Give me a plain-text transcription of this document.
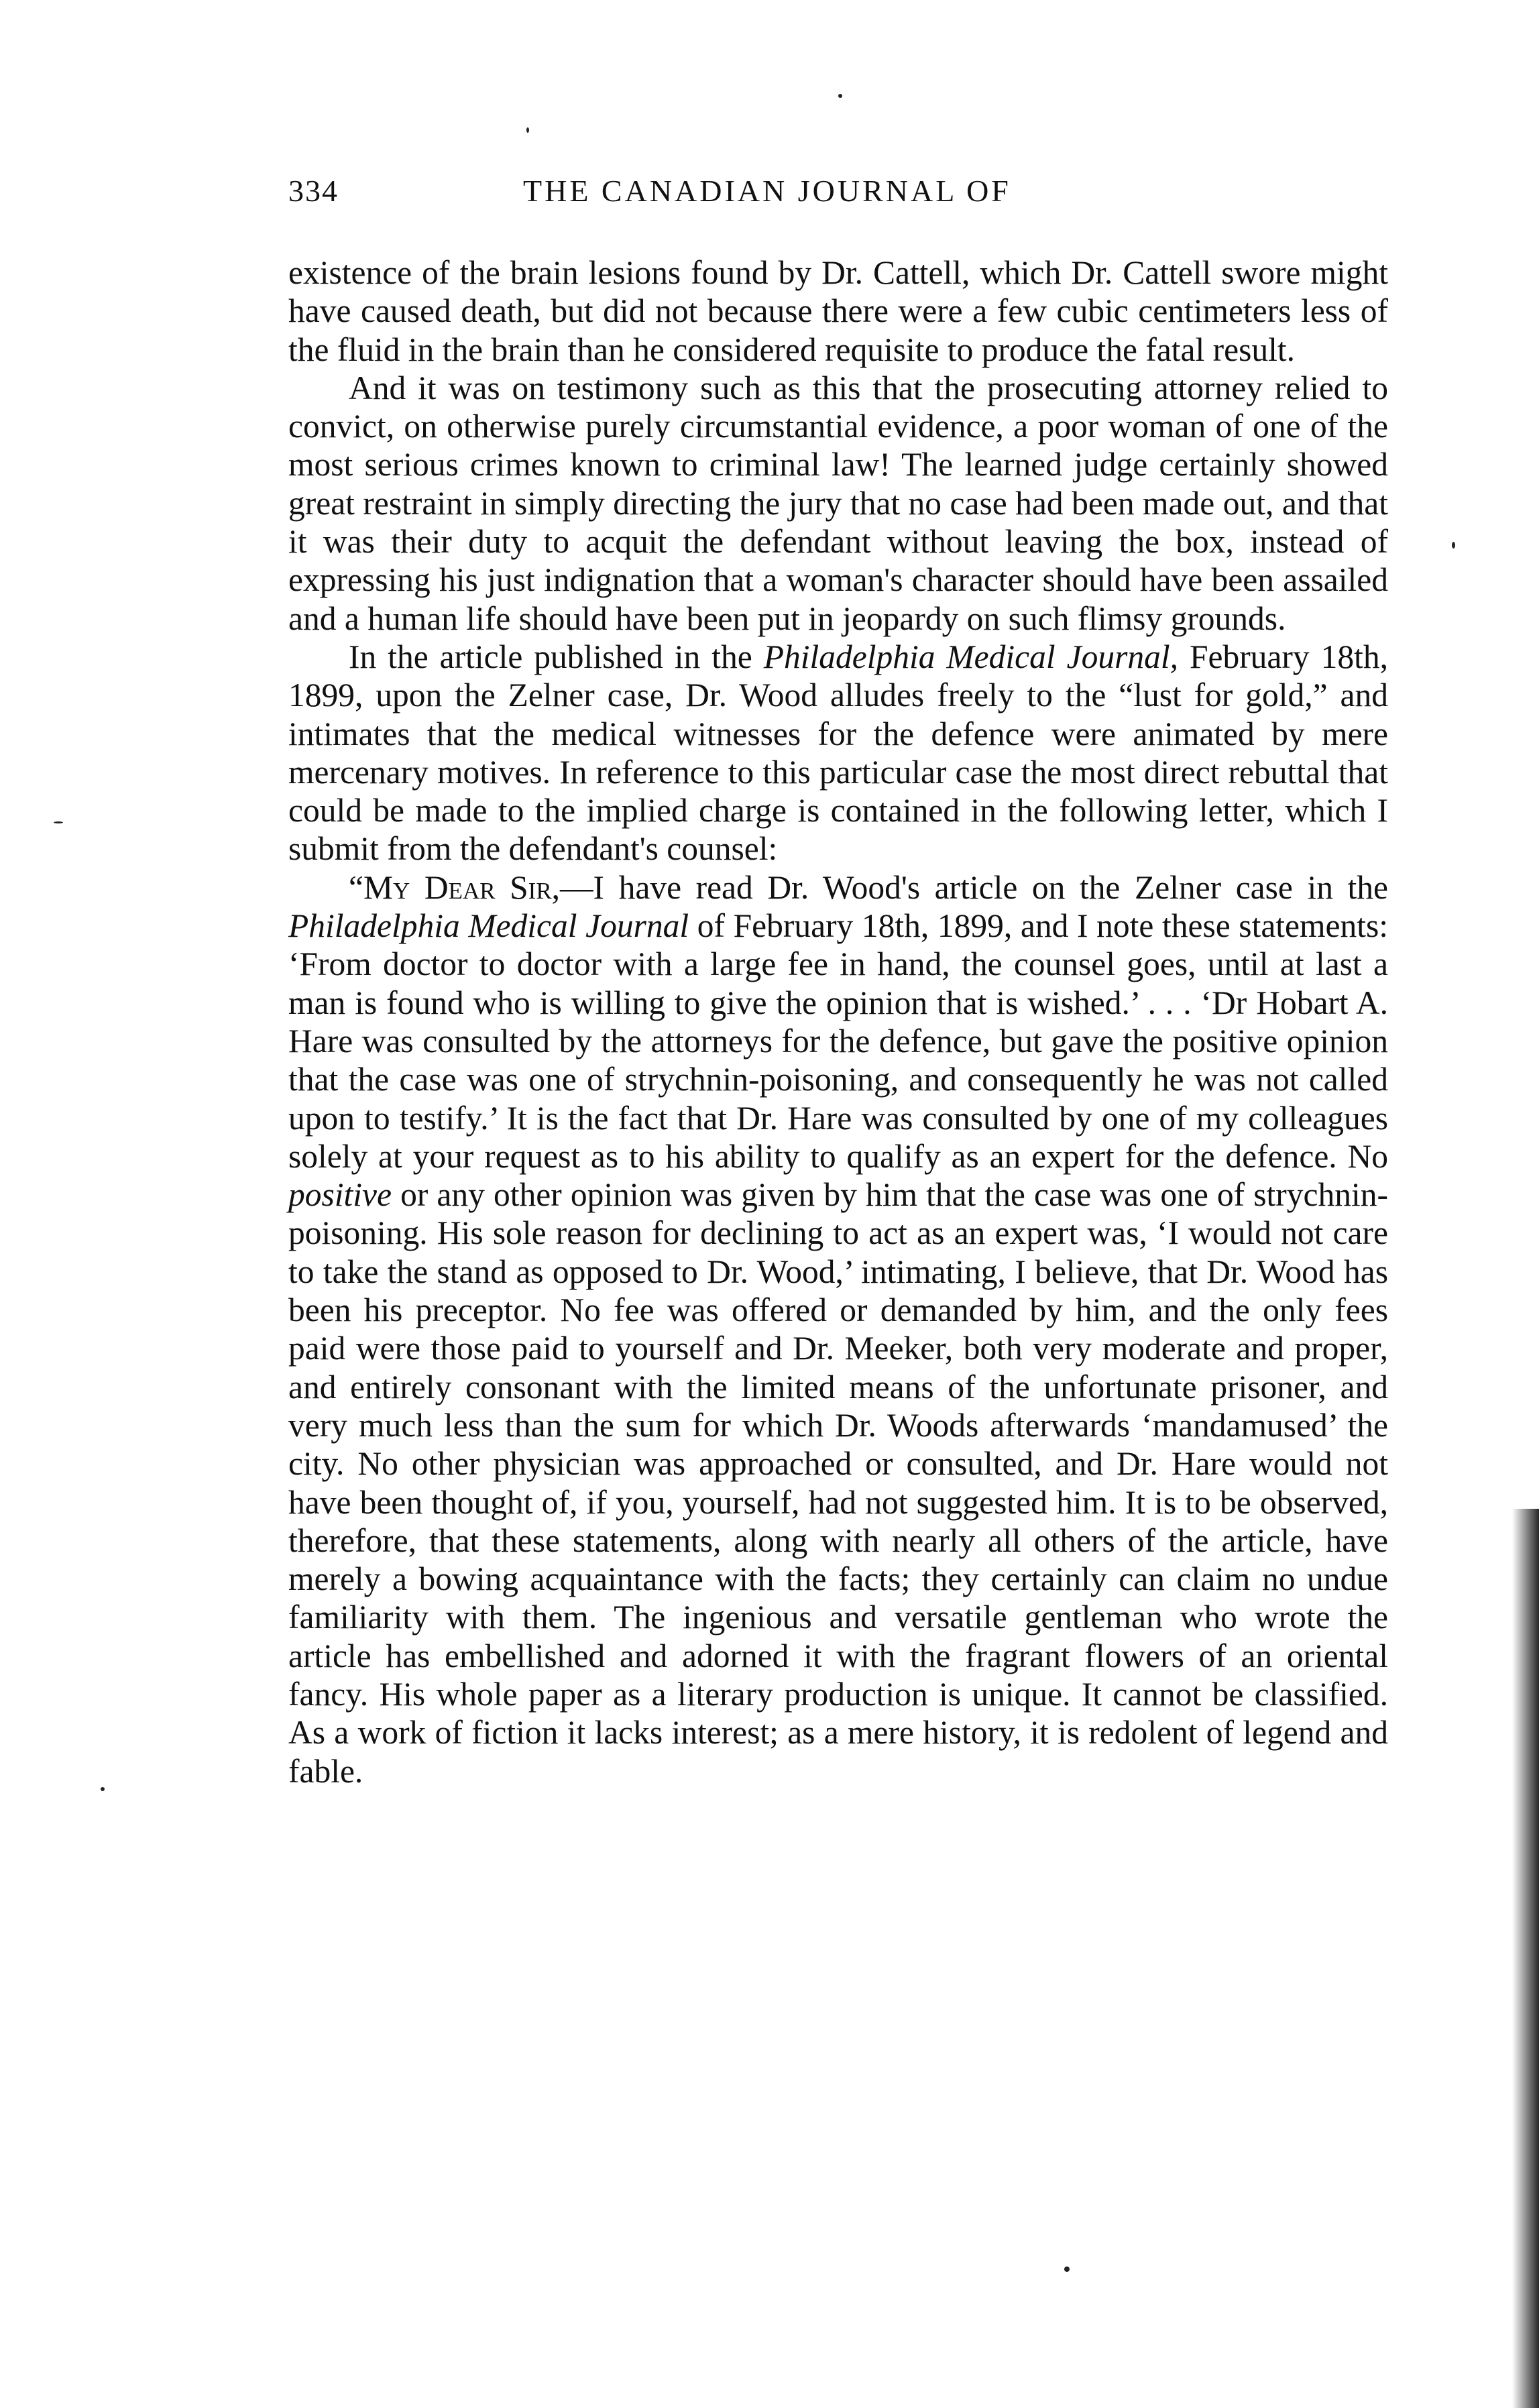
334	THE CANADIAN JOURNAL OF

existence of the brain lesions found by Dr. Cattell, which Dr. Cattell swore might have caused death, but did not because there were a few cubic centimeters less of the fluid in the brain than he considered requisite to produce the fatal result.

And it was on testimony such as this that the prosecuting attorney relied to convict, on otherwise purely circumstantial evidence, a poor woman of one of the most serious crimes known to criminal law! The learned judge certainly showed great restraint in simply directing the jury that no case had been made out, and that it was their duty to acquit the defendant without leaving the box, instead of expressing his just indignation that a woman's character should have been assailed and a human life should have been put in jeopardy on such flimsy grounds.

In the article published in the Philadelphia Medical Journal, February 18th, 1899, upon the Zelner case, Dr. Wood alludes freely to the “lust for gold,” and intimates that the medical witnesses for the defence were animated by mere mercenary motives. In reference to this particular case the most direct rebuttal that could be made to the implied charge is contained in the following letter, which I submit from the defendant's counsel:

“My Dear Sir,—I have read Dr. Wood's article on the Zelner case in the Philadelphia Medical Journal of February 18th, 1899, and I note these statements: ‘From doctor to doctor with a large fee in hand, the counsel goes, until at last a man is found who is willing to give the opinion that is wished.’ . . . ‘Dr Hobart A. Hare was consulted by the attorneys for the defence, but gave the positive opinion that the case was one of strychnin-poisoning, and consequently he was not called upon to testify.’ It is the fact that Dr. Hare was consulted by one of my colleagues solely at your request as to his ability to qualify as an expert for the defence. No positive or any other opinion was given by him that the case was one of strychnin-poisoning. His sole reason for declining to act as an expert was, ‘I would not care to take the stand as opposed to Dr. Wood,’ intimating, I believe, that Dr. Wood has been his preceptor. No fee was offered or demanded by him, and the only fees paid were those paid to yourself and Dr. Meeker, both very moderate and proper, and entirely consonant with the limited means of the unfortunate prisoner, and very much less than the sum for which Dr. Woods afterwards ‘mandamused’ the city. No other physician was approached or consulted, and Dr. Hare would not have been thought of, if you, yourself, had not suggested him. It is to be observed, therefore, that these statements, along with nearly all others of the article, have merely a bowing acquaintance with the facts; they certainly can claim no undue familiarity with them. The ingenious and versatile gentleman who wrote the article has embellished and adorned it with the fragrant flowers of an oriental fancy. His whole paper as a literary production is unique. It cannot be classified. As a work of fiction it lacks interest; as a mere history, it is redolent of legend and fable.
